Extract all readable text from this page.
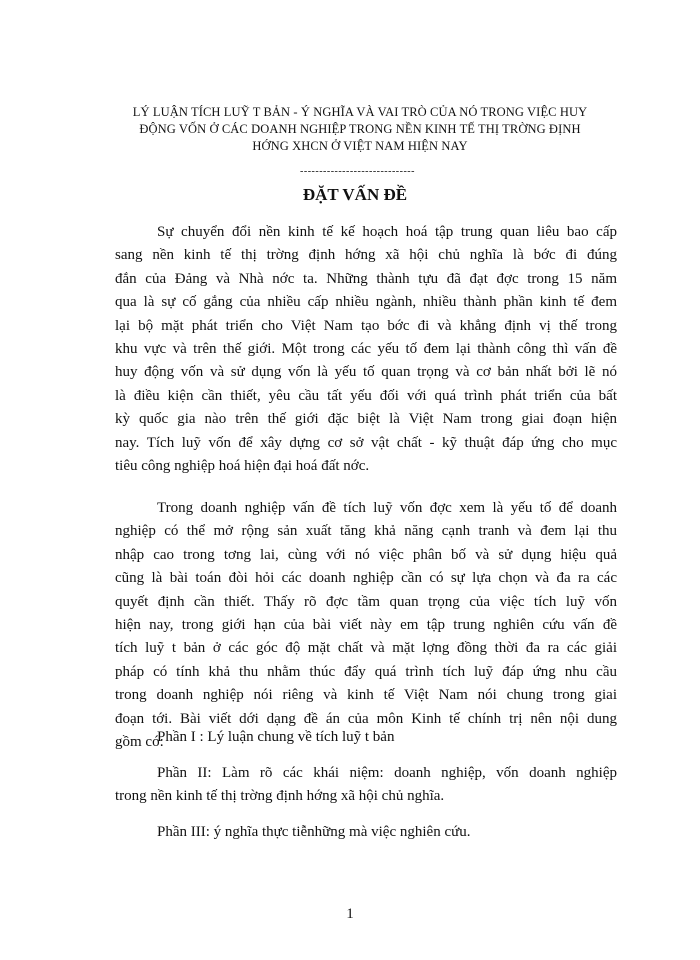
LÝ LUẬN TÍCH LUỸ T BẢN - Ý NGHĨA VÀ VAI TRÒ CỦA NÓ TRONG VIỆC HUY
ĐỘNG VỐN Ở CÁC DOANH NGHIỆP TRONG NỀN KINH TẾ THỊ TRỜNG ĐỊNH
HỚNG XHCN Ở VIỆT NAM HIỆN NAY
------------------------------
ĐẶT VẤN ĐỀ

Sự chuyển đổi nền kinh tế kế hoạch hoá tập trung quan liêu bao cấp
sang nền kinh tế thị trờng định hớng xã hội chủ nghĩa là bớc đi đúng
đắn của Đảng và Nhà nớc ta. Những thành tựu đã đạt đợc trong 15 năm
qua là sự cố gắng của nhiều cấp nhiều ngành, nhiều thành phần kinh tế đem
lại bộ mặt phát triển cho Việt Nam tạo bớc đi và khẳng định vị thế trong
khu vực và trên thế giới. Một trong các yếu tố đem lại thành công thì vấn đề
huy động vốn và sử dụng vốn là yếu tố quan trọng và cơ bản nhất bởi lẽ nó
là điều kiện cần thiết, yêu cầu tất yếu đối với quá trình phát triển của bất
kỳ quốc gia nào trên thế giới đặc biệt là Việt Nam trong giai đoạn hiện
nay. Tích luỹ vốn để xây dựng cơ sở vật chất - kỹ thuật đáp ứng cho mục
tiêu công nghiệp hoá hiện đại hoá đất nớc.

Trong doanh nghiệp vấn đề tích luỹ vốn đợc xem là yếu tố để doanh
nghiệp có thể mở rộng sản xuất tăng khả năng cạnh tranh và đem lại thu
nhập cao trong tơng lai, cùng với nó việc phân bố và sử dụng hiệu quả
cũng là bài toán đòi hỏi các doanh nghiệp cần có sự lựa chọn và đa ra các
quyết định cần thiết. Thấy rõ đợc tầm quan trọng của việc tích luỹ vốn
hiện nay, trong giới hạn của bài viết này em tập trung nghiên cứu vấn đề
tích luỹ t bản ở các góc độ mặt chất và mặt lợng đồng thời đa ra các giải
pháp có tính khả thu nhằm thúc đẩy quá trình tích luỹ đáp ứng nhu cầu
trong doanh nghiệp nói riêng và kinh tế Việt Nam nói chung trong giai
đoạn tới. Bài viết dới dạng đề án của môn Kinh tế chính trị nên nội dung
gồm có:

Phần I : Lý luận chung về tích luỹ t bản

Phần II: Làm rõ các khái niệm: doanh nghiệp, vốn doanh nghiệp
trong nền kinh tế thị trờng định hớng xã hội chủ nghĩa.

Phần III: ý nghĩa thực tiễnhững mà việc nghiên cứu.

1
